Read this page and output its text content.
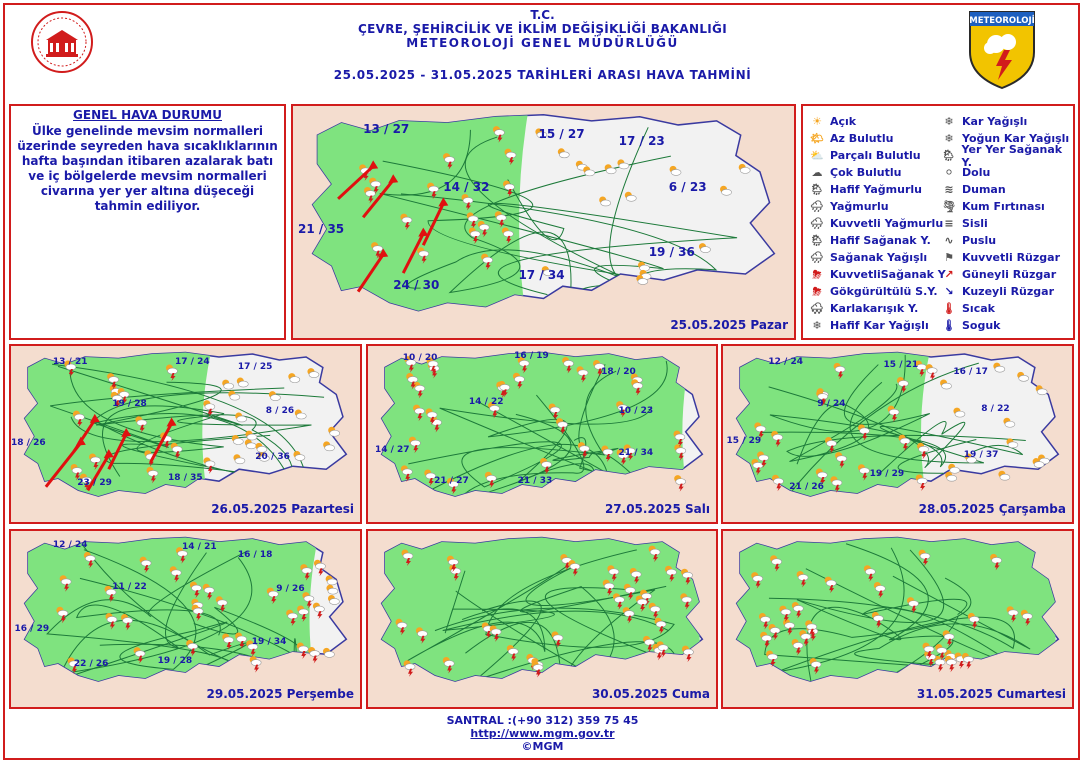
T.C.
ÇEVRE, ŞEHİRCİLİK VE İKLİM DEĞİŞİKLİĞİ BAKANLIĞI
METEOROLOJİ GENEL MÜDÜRLÜĞÜ
25.05.2025 - 31.05.2025 TARİHLERİ ARASI HAVA TAHMİNİ
METEOROLOJİ
GENEL HAVA DURUMU
Ülke genelinde mevsim normalleri üzerinde seyreden hava sıcaklıklarının hafta başından itibaren azalarak batı ve iç bölgelerde mevsim normalleri civarına yer yer altına düşeceği tahmin ediliyor.
☀ Açık
🌤 Az Bulutlu
⛅ Parçalı Bulutlu
☁ Çok Bulutlu
🌦 Hafif Yağmurlu
🌧 Yağmurlu
🌧 Kuvvetli Yağmurlu
🌦 Hafif Sağanak Y.
🌧 Sağanak Yağışlı
⛈ KuvvetliSağanak Y
⛈ Gökgürültülü S.Y.
🌨 Karlakarışık Y.
❄ Hafif Kar Yağışlı
❄ Kar Yağışlı
❄ Yoğun Kar Yağışlı
🌦 Yer Yer Sağanak Y.
⚪ Dolu
≋ Duman
🌪 Kum Fırtınası
≡ Sisli
∿ Puslu
⚑ Kuvvetli Rüzgar
↗ Güneyli Rüzgar
↘ Kuzeyli Rüzgar
🌡 Sıcak
🌡 Soguk
25.05.2025 Pazar
13 / 27	15 / 27	17 / 23
14 / 32	6 / 23
21 / 35
19 / 36
24 / 30
17 / 34
26.05.2025 Pazartesi
13 / 21	17 / 24
17 / 25
19 / 28
8 / 26
18 / 26
20 / 36
23 / 29
18 / 35
27.05.2025 Salı
10 / 20	16 / 19
18 / 20
14 / 22
10 / 23
14 / 27	21 / 34
21 / 27	21 / 33
28.05.2025 Çarşamba
12 / 24	15 / 21
16 / 17
9 / 24
8 / 22
15 / 29
19 / 37
21 / 26
19 / 29
29.05.2025 Perşembe
12 / 24	14 / 21
16 / 18
11 / 22	9 / 26
16 / 29
19 / 34
22 / 26	19 / 28
30.05.2025 Cuma	31.05.2025 Cumartesi
SANTRAL :(+90 312) 359 75 45
http://www.mgm.gov.tr
©MGM
